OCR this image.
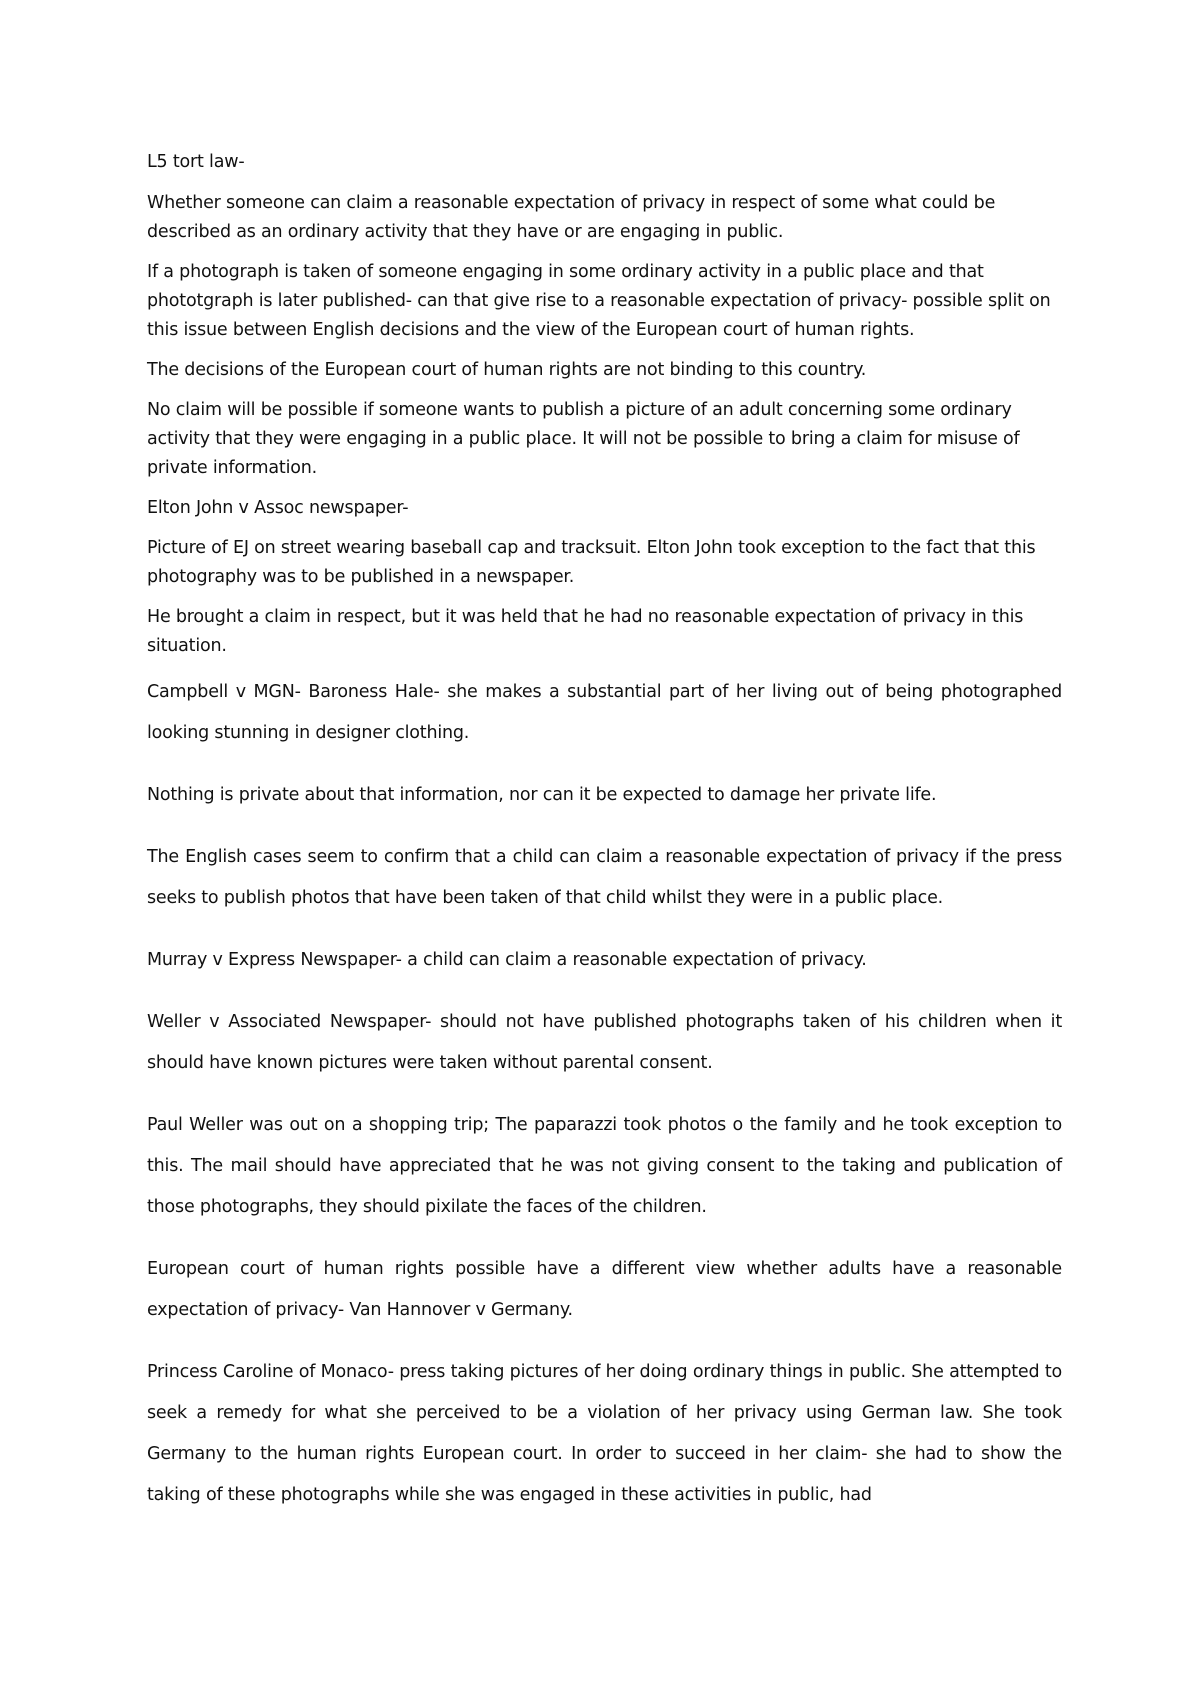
L5 tort law-

Whether someone can claim a reasonable expectation of privacy in respect of some what could be described as an ordinary activity that they have or are engaging in public.

If a photograph is taken of someone engaging in some ordinary activity in a public place and that phototgraph is later published- can that give rise to a reasonable expectation of privacy- possible split on this issue between English decisions and the view of the European court of human rights.

The decisions of the European court of human rights are not binding to this country.

No claim will be possible if someone wants to publish a picture of an adult concerning some ordinary activity that they were engaging in a public place. It will not be possible to bring a claim for misuse of private information.

Elton John v Assoc newspaper-

Picture of EJ on street wearing baseball cap and tracksuit. Elton John took exception to the fact that this photography was to be published in a newspaper.

He brought a claim in respect, but it was held that he had no reasonable expectation of privacy in this situation.

Campbell v MGN- Baroness Hale- she makes a substantial part of her living out of being photographed looking stunning in designer clothing.

Nothing is private about that information, nor can it be expected to damage her private life.

The English cases seem to confirm that a child can claim a reasonable expectation of privacy if the press seeks to publish photos that have been taken of that child whilst they were in a public place.

Murray v Express Newspaper- a child can claim a reasonable expectation of privacy.

Weller v Associated Newspaper- should not have published photographs taken of his children when it should have known pictures were taken without parental consent.

Paul Weller was out on a shopping trip; The paparazzi took photos o the family and he took exception to this. The mail should have appreciated that he was not giving consent to the taking and publication of those photographs, they should pixilate the faces of the children.

European court of human rights possible have a different view whether adults have a reasonable expectation of privacy- Van Hannover v Germany.

Princess Caroline of Monaco- press taking pictures of her doing ordinary things in public. She attempted to seek a remedy for what she perceived to be a violation of her privacy using German law. She took Germany to the human rights European court. In order to succeed in her claim- she had to show the taking of these photographs while she was engaged in these activities in public, had
